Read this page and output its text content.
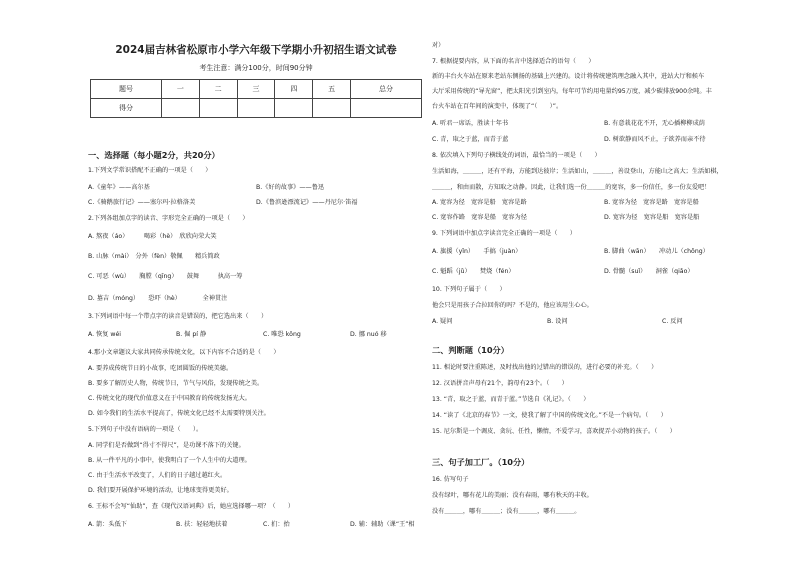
2024届吉林省松原市小学六年级下学期小升初招生语文试卷
考生注意：满分100分，时间90分钟
题号	一	二	三	四	五	总分
得分						
一、选择题（每小题2分，共20分）
1.下列文学常识搭配不正确的一项是（　　）
A.《童年》——高尔基	B.《好的故事》——鲁迅
C.《骑鹅旅行记》——塞尔玛·拉格洛芙	D.《鲁滨逊漂流记》——丹尼尔·笛福
2.下列各组加点字的读音、字形完全正确的一项是（　　）
A. 熬夜（áo）　　　喝彩（hè）　欣欣向荣大笑
B. 山脉（mài）　分外（fèn）敬佩　　精兵简政
C. 可恶（wù）　　胸膛（qīng）　　鼓舞　　　执高一筹
D. 墓吉（móng）　　恐吓（hè）　　　　全神贯注
3.下列词语中每一个带点字的读音是错误的，把它选出来（　　）
A. 恢复 wéi	B. 倔 pí 静	C. 唯恐 kǒng	D. 挪 nuó 移
4.那小文章题议大家共同传承传统文化，以下内容不合适的是（　　）
A. 要养成传统节日的小故事，吃团圆饭的传统美德。
B. 要多了解历史人物，传统节日，节气与风俗，发现传统之美。
C. 传统文化的现代价值意义在于中国教育的传统发扬光大。
D. 如今我们的生活水平提高了，传统文化已经不太需要特别关注。
5.下列句子中没有语病的一项是（　　）。
A. 同学们是否做到“得寸不得尺”，是功课不落下的关键。
B. 从一件平凡的小事中，使我明白了一个人生中的大道理。
C. 由于生活水平改变了，人们的日子越过越红火。
D. 我们要开展保护环境的活动，让地球变得更美好。
6. 王标不会写“仙助”，查《现代汉语词典》后，她应选择哪一项？（　　）
A. 箭：头低下	B. 扶：轻轻地扶着	C. 扪：抬	D. 辅：辅助（课“王”相
对）
7. 根据提要内容，从下面的名言中选择适合的语句（　　）
新的丰台火车站在原来老站东侧扬的基础上兴建的。设计将传统建筑理念融入其中，进站大厅和候车
大厅采用传统的“导光窗”，把太阳光引到室内，每年可节约用电量约95万度，减少碳排放900余吨。丰
台火车站在百年间的演变中，体现了“（　　）”。
A. 听君一席话，胜读十年书	B. 有意栽花花不开，无心插柳柳成荫
C. 青，取之于蓝，而青于蓝	D. 树欲静而风不止，子欲养而亲不待
8. 依次填入下列句子横线处的词语，最恰当的一项是（　　）
生活如海，＿＿＿，还有平海，方能到达彼岸；生活如山，＿＿＿，善设登山，方能山之高大；生活如棋，
＿＿＿，和由而散，方知取之动静。因此，让我们选一份＿＿＿的宽容，多一份信任，多一份友爱吧！
A. 宽容为径　宽容是船　宽容是路	B. 宽容为径　宽容是路　宽容是船
C. 宽容作路　宽容是船　宽容为径	D. 宽容为径　宽容是船　宽容是船
9. 下列词语中加点字读音完全正确的一项是（　　）
A. 旗援（yǐn）　　手搞（juàn）	B. 脚曲（wān）　　冲动儿（chōng）
C. 魁蹈（jǔ）　　焚烧（fén）	D. 骨髓（suǐ）　　洞雀（qiǎo）
10. 下列句子属于（　　）
他会只是用孩子合拉回你的吗？不是的，他应该用生心心。
A. 疑问	B. 设问	C. 反问
二、判断题（10分）
11. 相论时要注重陈述，及时找出他的过错出的错误的，进行必要的补充。（　　）
12. 汉语拼音声母有21个，韵母有23个。（　　）
13. “青，取之于蓝，而青于蓝。”节选自《礼记》。（　　）
14. “读了《北京的春节》一文，使我了解了中国的传统文化。”不是一个病句。（　　）
15. 尼尔斯是一个调皮、贪玩、任性，懒惰，不爱学习，喜欢捉弄小动物的孩子。（　　）
三、句子加工厂。（10分）
16. 仿写句子
没有绿叶，哪有花儿的美丽；没有春雨，哪有秋天的丰收。
没有＿＿＿，哪有＿＿＿；没有＿＿＿，哪有＿＿＿。
